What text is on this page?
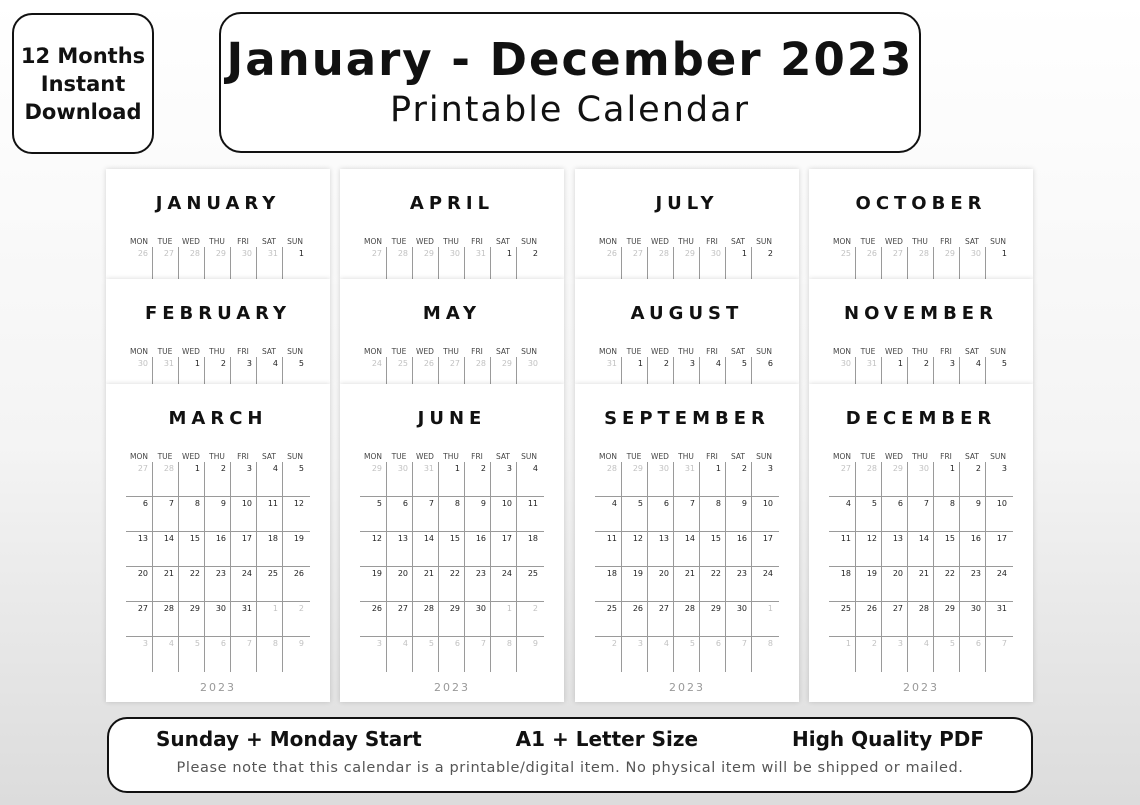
12 Months
Instant
Download
January - December 2023
Printable Calendar
JANUARY
MON	TUE	WED	THU	FRI	SAT	SUN
26	27	28	29	30	31	1
APRIL
MON	TUE	WED	THU	FRI	SAT	SUN
27	28	29	30	31	1	2
JULY
MON	TUE	WED	THU	FRI	SAT	SUN
26	27	28	29	30	1	2
OCTOBER
MON	TUE	WED	THU	FRI	SAT	SUN
25	26	27	28	29	30	1
FEBRUARY
MON	TUE	WED	THU	FRI	SAT	SUN
30	31	1	2	3	4	5
MAY
MON	TUE	WED	THU	FRI	SAT	SUN
24	25	26	27	28	29	30
AUGUST
MON	TUE	WED	THU	FRI	SAT	SUN
31	1	2	3	4	5	6
NOVEMBER
MON	TUE	WED	THU	FRI	SAT	SUN
30	31	1	2	3	4	5
MARCH
MON	TUE	WED	THU	FRI	SAT	SUN
27	28	1	2	3	4	5
6	7	8	9	10	11	12
13	14	15	16	17	18	19
20	21	22	23	24	25	26
27	28	29	30	31	1	2
3	4	5	6	7	8	9
2023
JUNE
MON	TUE	WED	THU	FRI	SAT	SUN
29	30	31	1	2	3	4
5	6	7	8	9	10	11
12	13	14	15	16	17	18
19	20	21	22	23	24	25
26	27	28	29	30	1	2
3	4	5	6	7	8	9
2023
SEPTEMBER
MON	TUE	WED	THU	FRI	SAT	SUN
28	29	30	31	1	2	3
4	5	6	7	8	9	10
11	12	13	14	15	16	17
18	19	20	21	22	23	24
25	26	27	28	29	30	1
2	3	4	5	6	7	8
2023
DECEMBER
MON	TUE	WED	THU	FRI	SAT	SUN
27	28	29	30	1	2	3
4	5	6	7	8	9	10
11	12	13	14	15	16	17
18	19	20	21	22	23	24
25	26	27	28	29	30	31
1	2	3	4	5	6	7
2023
Sunday + Monday Start	A1 + Letter Size	High Quality PDF
Please note that this calendar is a printable/digital item. No physical item will be shipped or mailed.
